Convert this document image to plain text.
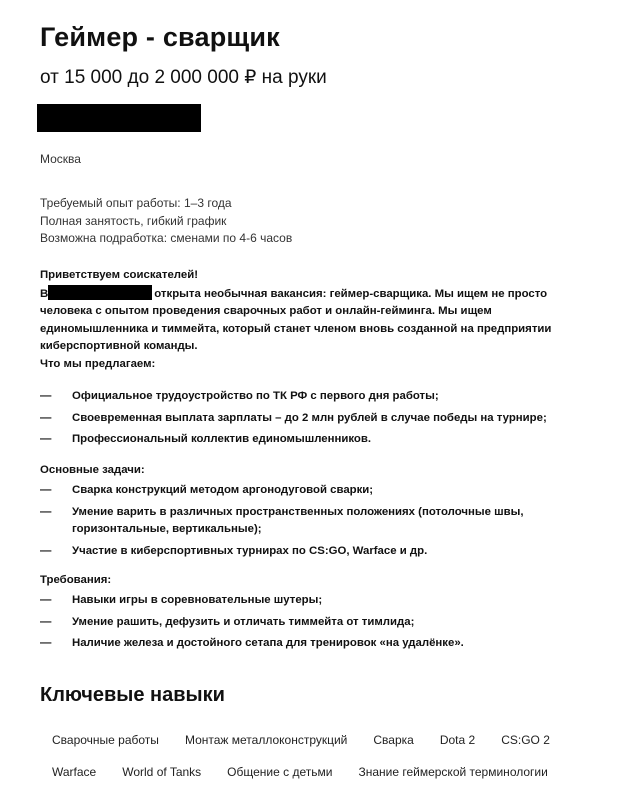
Геймер - сварщик
от 15 000 до 2 000 000 ₽ на руки
Москва
Требуемый опыт работы: 1–3 года
Полная занятость, гибкий график
Возможна подработка: сменами по 4-6 часов
Приветствуем соискателей!
В	открыта необычная вакансия: геймер-сварщика. Мы ищем не просто человека с опытом проведения сварочных работ и онлайн-гейминга. Мы ищем единомышленника и тиммейта, который станет членом вновь созданной на предприятии киберспортивной команды.
Что мы предлагаем:
—	Официальное трудоустройство по ТК РФ с первого дня работы;
—	Своевременная выплата зарплаты – до 2 млн рублей в случае победы на турнире;
—	Профессиональный коллектив единомышленников.
Основные задачи:
—	Сварка конструкций методом аргонодуговой сварки;
—	Умение варить в различных пространственных положениях (потолочные швы, горизонтальные, вертикальные);
—	Участие в киберспортивных турнирах по CS:GO, Warface и др.
Требования:
—	Навыки игры в соревновательные шутеры;
—	Умение рашить, дефузить и отличать тиммейта от тимлида;
—	Наличие железа и достойного сетапа для тренировок «на удалёнке».
Ключевые навыки
Сварочные работы	Монтаж металлоконструкций	Сварка	Dota 2	CS:GO 2
Warface	World of Tanks	Общение с детьми	Знание геймерской терминологии
